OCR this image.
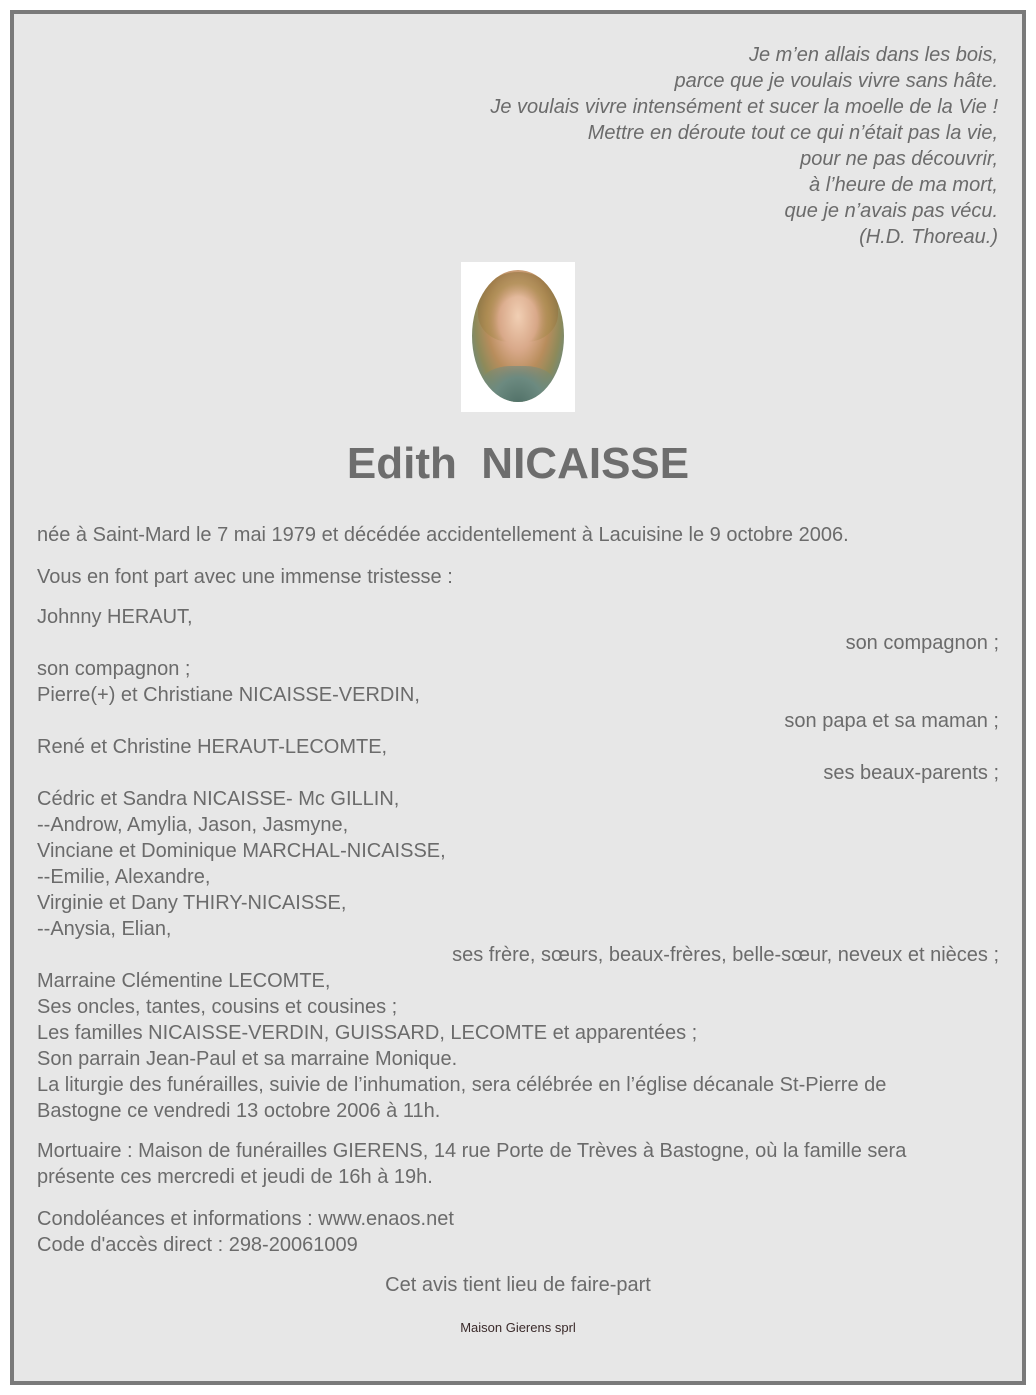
Je m’en allais dans les bois,
parce que je voulais vivre sans hâte.
Je voulais vivre intensément et sucer la moelle de la Vie !
Mettre en déroute tout ce qui n’était pas la vie,
pour ne pas découvrir,
à l’heure de ma mort,
que je n’avais pas vécu.
(H.D. Thoreau.)
Edith  NICAISSE
née à Saint-Mard le 7 mai 1979 et décédée accidentellement à Lacuisine le 9 octobre 2006.
Vous en font part avec une immense tristesse :
Johnny HERAUT,
son compagnon ;
son compagnon ;
Pierre(+) et Christiane NICAISSE-VERDIN,
son papa et sa maman ;
René et Christine HERAUT-LECOMTE,
ses beaux-parents ;
Cédric et Sandra NICAISSE- Mc GILLIN,
--Androw, Amylia, Jason, Jasmyne,
Vinciane et Dominique MARCHAL-NICAISSE,
--Emilie, Alexandre,
Virginie et Dany THIRY-NICAISSE,
--Anysia, Elian,
ses frère, sœurs, beaux-frères, belle-sœur, neveux et nièces ;
Marraine Clémentine LECOMTE,
Ses oncles, tantes, cousins et cousines ;
Les familles NICAISSE-VERDIN, GUISSARD, LECOMTE et apparentées ;
Son parrain Jean-Paul et sa marraine Monique.
La liturgie des funérailles, suivie de l’inhumation, sera célébrée en l’église décanale St-Pierre de
Bastogne ce vendredi 13 octobre 2006 à 11h.
Mortuaire : Maison de funérailles GIERENS, 14 rue Porte de Trèves à Bastogne, où la famille sera
présente ces mercredi et jeudi de 16h à 19h.
Condoléances et informations : www.enaos.net
Code d'accès direct : 298-20061009
Cet avis tient lieu de faire-part
Maison Gierens sprl
